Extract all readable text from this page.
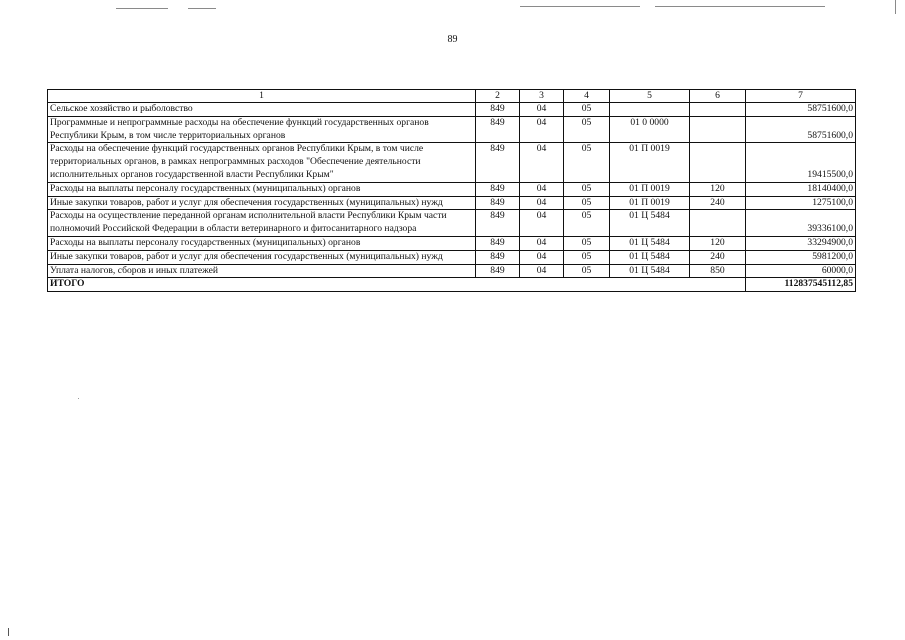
89
1	2	3	4	5	6	7
Сельское хозяйство и рыболовство	849	04	05			58751600,0
Программные и непрограммные расходы на обеспечение функций государственных органов Республики Крым, в том числе территориальных органов	849	04	05	01 0 0000		58751600,0
Расходы на обеспечение функций государственных органов Республики Крым, в том числе территориальных органов, в рамках непрограммных расходов "Обеспечение деятельности исполнительных органов государственной власти Республики Крым"	849	04	05	01 П 0019		19415500,0
Расходы на выплаты персоналу государственных (муниципальных) органов	849	04	05	01 П 0019	120	18140400,0
Иные закупки товаров, работ и услуг для обеспечения государственных (муниципальных) нужд	849	04	05	01 П 0019	240	1275100,0
Расходы на осуществление переданной органам исполнительной власти Республики Крым части полномочий Российской Федерации в области ветеринарного и фитосанитарного надзора	849	04	05	01 Ц 5484		39336100,0
Расходы на выплаты персоналу государственных (муниципальных) органов	849	04	05	01 Ц 5484	120	33294900,0
Иные закупки товаров, работ и услуг для обеспечения государственных (муниципальных) нужд	849	04	05	01 Ц 5484	240	5981200,0
Уплата налогов, сборов и иных платежей	849	04	05	01 Ц 5484	850	60000,0
ИТОГО						112837545112,85
